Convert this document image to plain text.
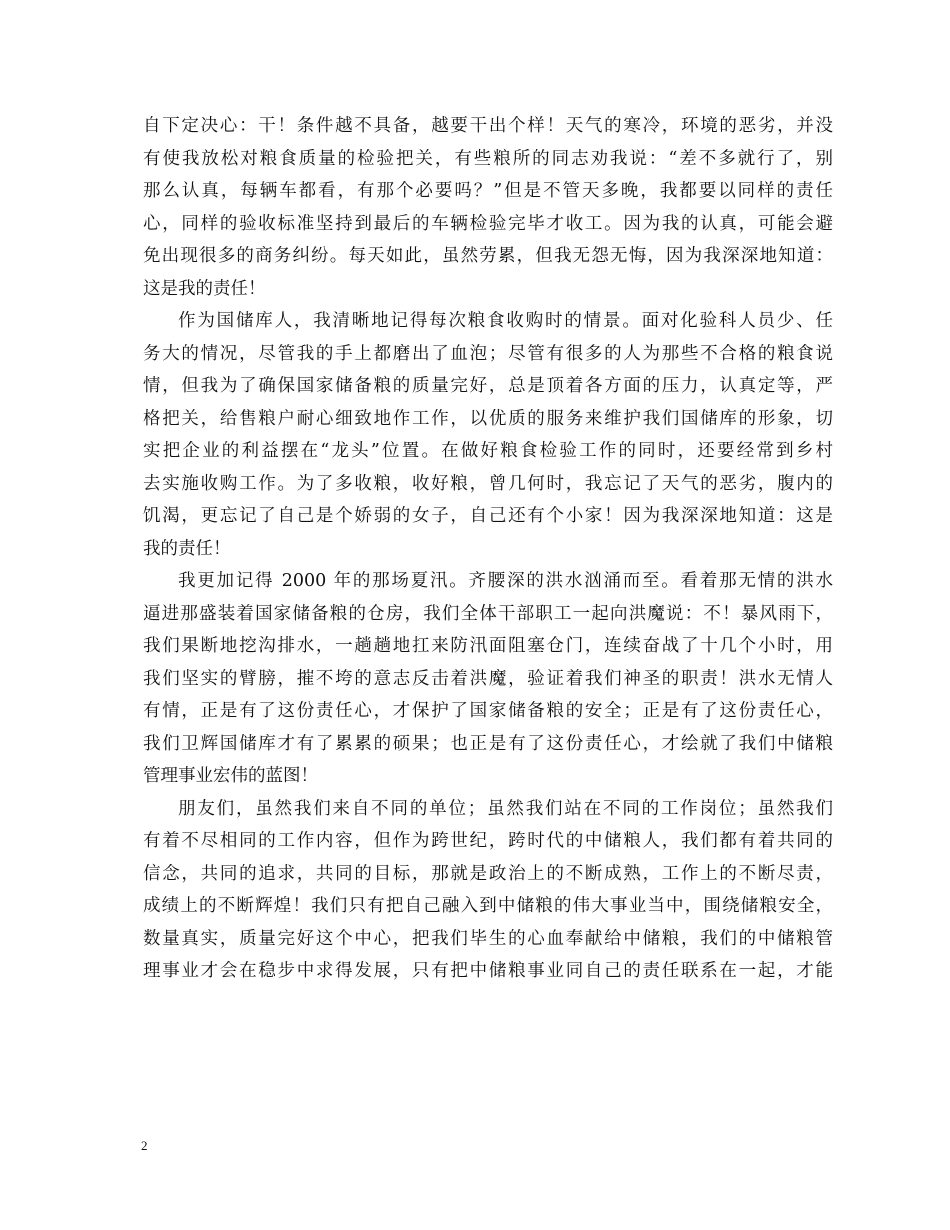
自下定决心：干！条件越不具备，越要干出个样！天气的寒冷，环境的恶劣，并没
有使我放松对粮食质量的检验把关，有些粮所的同志劝我说：“差不多就行了，别
那么认真，每辆车都看，有那个必要吗？”但是不管天多晚，我都要以同样的责任
心，同样的验收标准坚持到最后的车辆检验完毕才收工。因为我的认真，可能会避
免出现很多的商务纠纷。每天如此，虽然劳累，但我无怨无悔，因为我深深地知道：
这是我的责任！
作为国储库人，我清晰地记得每次粮食收购时的情景。面对化验科人员少、任
务大的情况，尽管我的手上都磨出了血泡；尽管有很多的人为那些不合格的粮食说
情，但我为了确保国家储备粮的质量完好，总是顶着各方面的压力，认真定等，严
格把关，给售粮户耐心细致地作工作，以优质的服务来维护我们国储库的形象，切
实把企业的利益摆在“龙头”位置。在做好粮食检验工作的同时，还要经常到乡村
去实施收购工作。为了多收粮，收好粮，曾几何时，我忘记了天气的恶劣，腹内的
饥渴，更忘记了自己是个娇弱的女子，自己还有个小家！因为我深深地知道：这是
我的责任！
我更加记得 2000 年的那场夏汛。齐腰深的洪水汹涌而至。看着那无情的洪水
逼进那盛装着国家储备粮的仓房，我们全体干部职工一起向洪魔说：不！暴风雨下，
我们果断地挖沟排水，一趟趟地扛来防汛面阻塞仓门，连续奋战了十几个小时，用
我们坚实的臂膀，摧不垮的意志反击着洪魔，验证着我们神圣的职责！洪水无情人
有情，正是有了这份责任心，才保护了国家储备粮的安全；正是有了这份责任心，
我们卫辉国储库才有了累累的硕果；也正是有了这份责任心，才绘就了我们中储粮
管理事业宏伟的蓝图！
朋友们，虽然我们来自不同的单位；虽然我们站在不同的工作岗位；虽然我们
有着不尽相同的工作内容，但作为跨世纪，跨时代的中储粮人，我们都有着共同的
信念，共同的追求，共同的目标，那就是政治上的不断成熟，工作上的不断尽责，
成绩上的不断辉煌！我们只有把自己融入到中储粮的伟大事业当中，围绕储粮安全，
数量真实，质量完好这个中心，把我们毕生的心血奉献给中储粮，我们的中储粮管
理事业才会在稳步中求得发展，只有把中储粮事业同自己的责任联系在一起，才能
2
